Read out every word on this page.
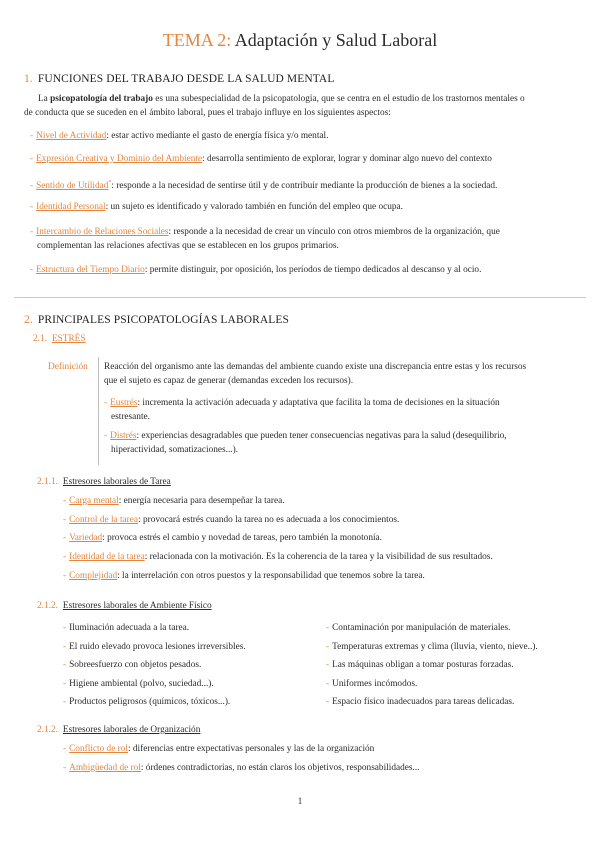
TEMA 2: Adaptación y Salud Laboral
1. FUNCIONES DEL TRABAJO DESDE LA SALUD MENTAL
La psicopatología del trabajo es una subespecialidad de la psicopatología, que se centra en el estudio de los trastornos mentales o
de conducta que se suceden en el ámbito laboral, pues el trabajo influye en los siguientes aspectos:
- Nivel de Actividad: estar activo mediante el gasto de energía física y/o mental.
- Expresión Creativa y Dominio del Ambiente: desarrolla sentimiento de explorar, lograr y dominar algo nuevo del contexto
- Sentido de Utilidad*: responde a la necesidad de sentirse útil y de contribuir mediante la producción de bienes a la sociedad.
- Identidad Personal: un sujeto es identificado y valorado también en función del empleo que ocupa.
- Intercambio de Relaciones Sociales: responde a la necesidad de crear un vínculo con otros miembros de la organización, que
complementan las relaciones afectivas que se establecen en los grupos primarios.
- Estructura del Tiempo Diario: permite distinguir, por oposición, los períodos de tiempo dedicados al descanso y al ocio.
2. PRINCIPALES PSICOPATOLOGÍAS LABORALES
2.1. ESTRÉS
Definición Reacción del organismo ante las demandas del ambiente cuando existe una discrepancia entre estas y los recursos
que el sujeto es capaz de generar (demandas exceden los recursos).
- Eustrés: incrementa la activación adecuada y adaptativa que facilita la toma de decisiones en la situación
estresante.
- Distrés: experiencias desagradables que pueden tener consecuencias negativas para la salud (desequilibrio,
hiperactividad, somatizaciones...).
2.1.1. Estresores laborales de Tarea
- Carga mental: energía necesaria para desempeñar la tarea.
- Control de la tarea: provocará estrés cuando la tarea no es adecuada a los conocimientos.
- Variedad: provoca estrés el cambio y novedad de tareas, pero también la monotonía.
- Identidad de la tarea: relacionada con la motivación. Es la coherencia de la tarea y la visibilidad de sus resultados.
- Complejidad: la interrelación con otros puestos y la responsabilidad que tenemos sobre la tarea.
2.1.2. Estresores laborales de Ambiente Físico
- Iluminación adecuada a la tarea.
- El ruido elevado provoca lesiones irreversibles.
- Sobreesfuerzo con objetos pesados.
- Higiene ambiental (polvo, suciedad...).
- Productos peligrosos (químicos, tóxicos...).
- Contaminación por manipulación de materiales.
- Temperaturas extremas y clima (lluvia, viento, nieve..).
- Las máquinas obligan a tomar posturas forzadas.
- Uniformes incómodos.
- Espacio físico inadecuados para tareas delicadas.
2.1.2. Estresores laborales de Organización
- Conflicto de rol: diferencias entre expectativas personales y las de la organización
- Ambigüedad de rol: órdenes contradictorias, no están claros los objetivos, responsabilidades...
1
